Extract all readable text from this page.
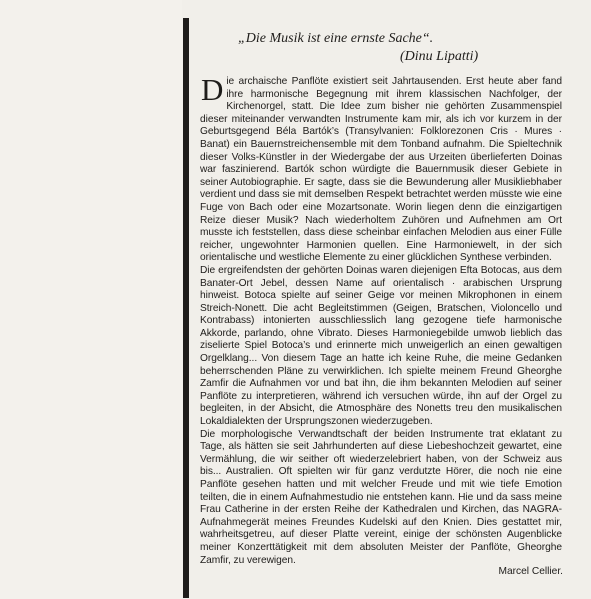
„Die Musik ist eine ernste Sache“.
(Dinu Lipatti)

Die archaische Panflöte existiert seit Jahrtausenden. Erst heute aber fand ihre harmonische Begegnung mit ihrem klassischen Nachfolger, der Kirchenorgel, statt. Die Idee zum bisher nie gehörten Zusammenspiel dieser miteinander verwandten Instrumente kam mir, als ich vor kurzem in der Geburtsgegend Béla Bartók’s (Transylvanien: Folklorezonen Cris · Mures · Banat) ein Bauernstreichensemble mit dem Tonband aufnahm. Die Spieltechnik dieser Volks-Künstler in der Wiedergabe der aus Urzeiten überlieferten Doinas war faszinierend. Bartók schon würdigte die Bauernmusik dieser Gebiete in seiner Autobiographie. Er sagte, dass sie die Bewunderung aller Musikliebhaber verdient und dass sie mit demselben Respekt betrachtet werden müsste wie eine Fuge von Bach oder eine Mozartsonate. Worin liegen denn die einzigartigen Reize dieser Musik? Nach wiederholtem Zuhören und Aufnehmen am Ort musste ich feststellen, dass diese scheinbar einfachen Melodien aus einer Fülle reicher, ungewohnter Harmonien quellen. Eine Harmoniewelt, in der sich orientalische und westliche Elemente zu einer glücklichen Synthese verbinden.

Die ergreifendsten der gehörten Doinas waren diejenigen Efta Botocas, aus dem Banater-Ort Jebel, dessen Name auf orientalisch · arabischen Ursprung hinweist. Botoca spielte auf seiner Geige vor meinen Mikrophonen in einem Streich-Nonett. Die acht Begleitstimmen (Geigen, Bratschen, Violoncello und Kontrabass) intonierten ausschliesslich lang gezogene tiefe harmonische Akkorde, parlando, ohne Vibrato. Dieses Harmoniegebilde umwob lieblich das ziselierte Spiel Botoca’s und erinnerte mich unweigerlich an einen gewaltigen Orgelklang... Von diesem Tage an hatte ich keine Ruhe, die meine Gedanken beherrschenden Pläne zu verwirklichen. Ich spielte meinem Freund Gheorghe Zamfir die Aufnahmen vor und bat ihn, die ihm bekannten Melodien auf seiner Panflöte zu interpretieren, während ich versuchen würde, ihn auf der Orgel zu begleiten, in der Absicht, die Atmosphäre des Nonetts treu den musikalischen Lokaldialekten der Ursprungszonen wiederzugeben.

Die morphologische Verwandtschaft der beiden Instrumente trat eklatant zu Tage, als hätten sie seit Jahrhunderten auf diese Liebeshochzeit gewartet, eine Vermählung, die wir seither oft wiederzelebriert haben, von der Schweiz aus bis... Australien. Oft spielten wir für ganz verdutzte Hörer, die noch nie eine Panflöte gesehen hatten und mit welcher Freude und mit wie tiefe Emotion teilten, die in einem Aufnahmestudio nie entstehen kann. Hie und da sass meine Frau Catherine in der ersten Reihe der Kathedralen und Kirchen, das NAGRA-Aufnahmegerät meines Freundes Kudelski auf den Knien. Dies gestattet mir, wahrheitsgetreu, auf dieser Platte vereint, einige der schönsten Augenblicke meiner Konzerttätigkeit mit dem absoluten Meister der Panflöte, Gheorghe Zamfir, zu verewigen.

Marcel Cellier.
